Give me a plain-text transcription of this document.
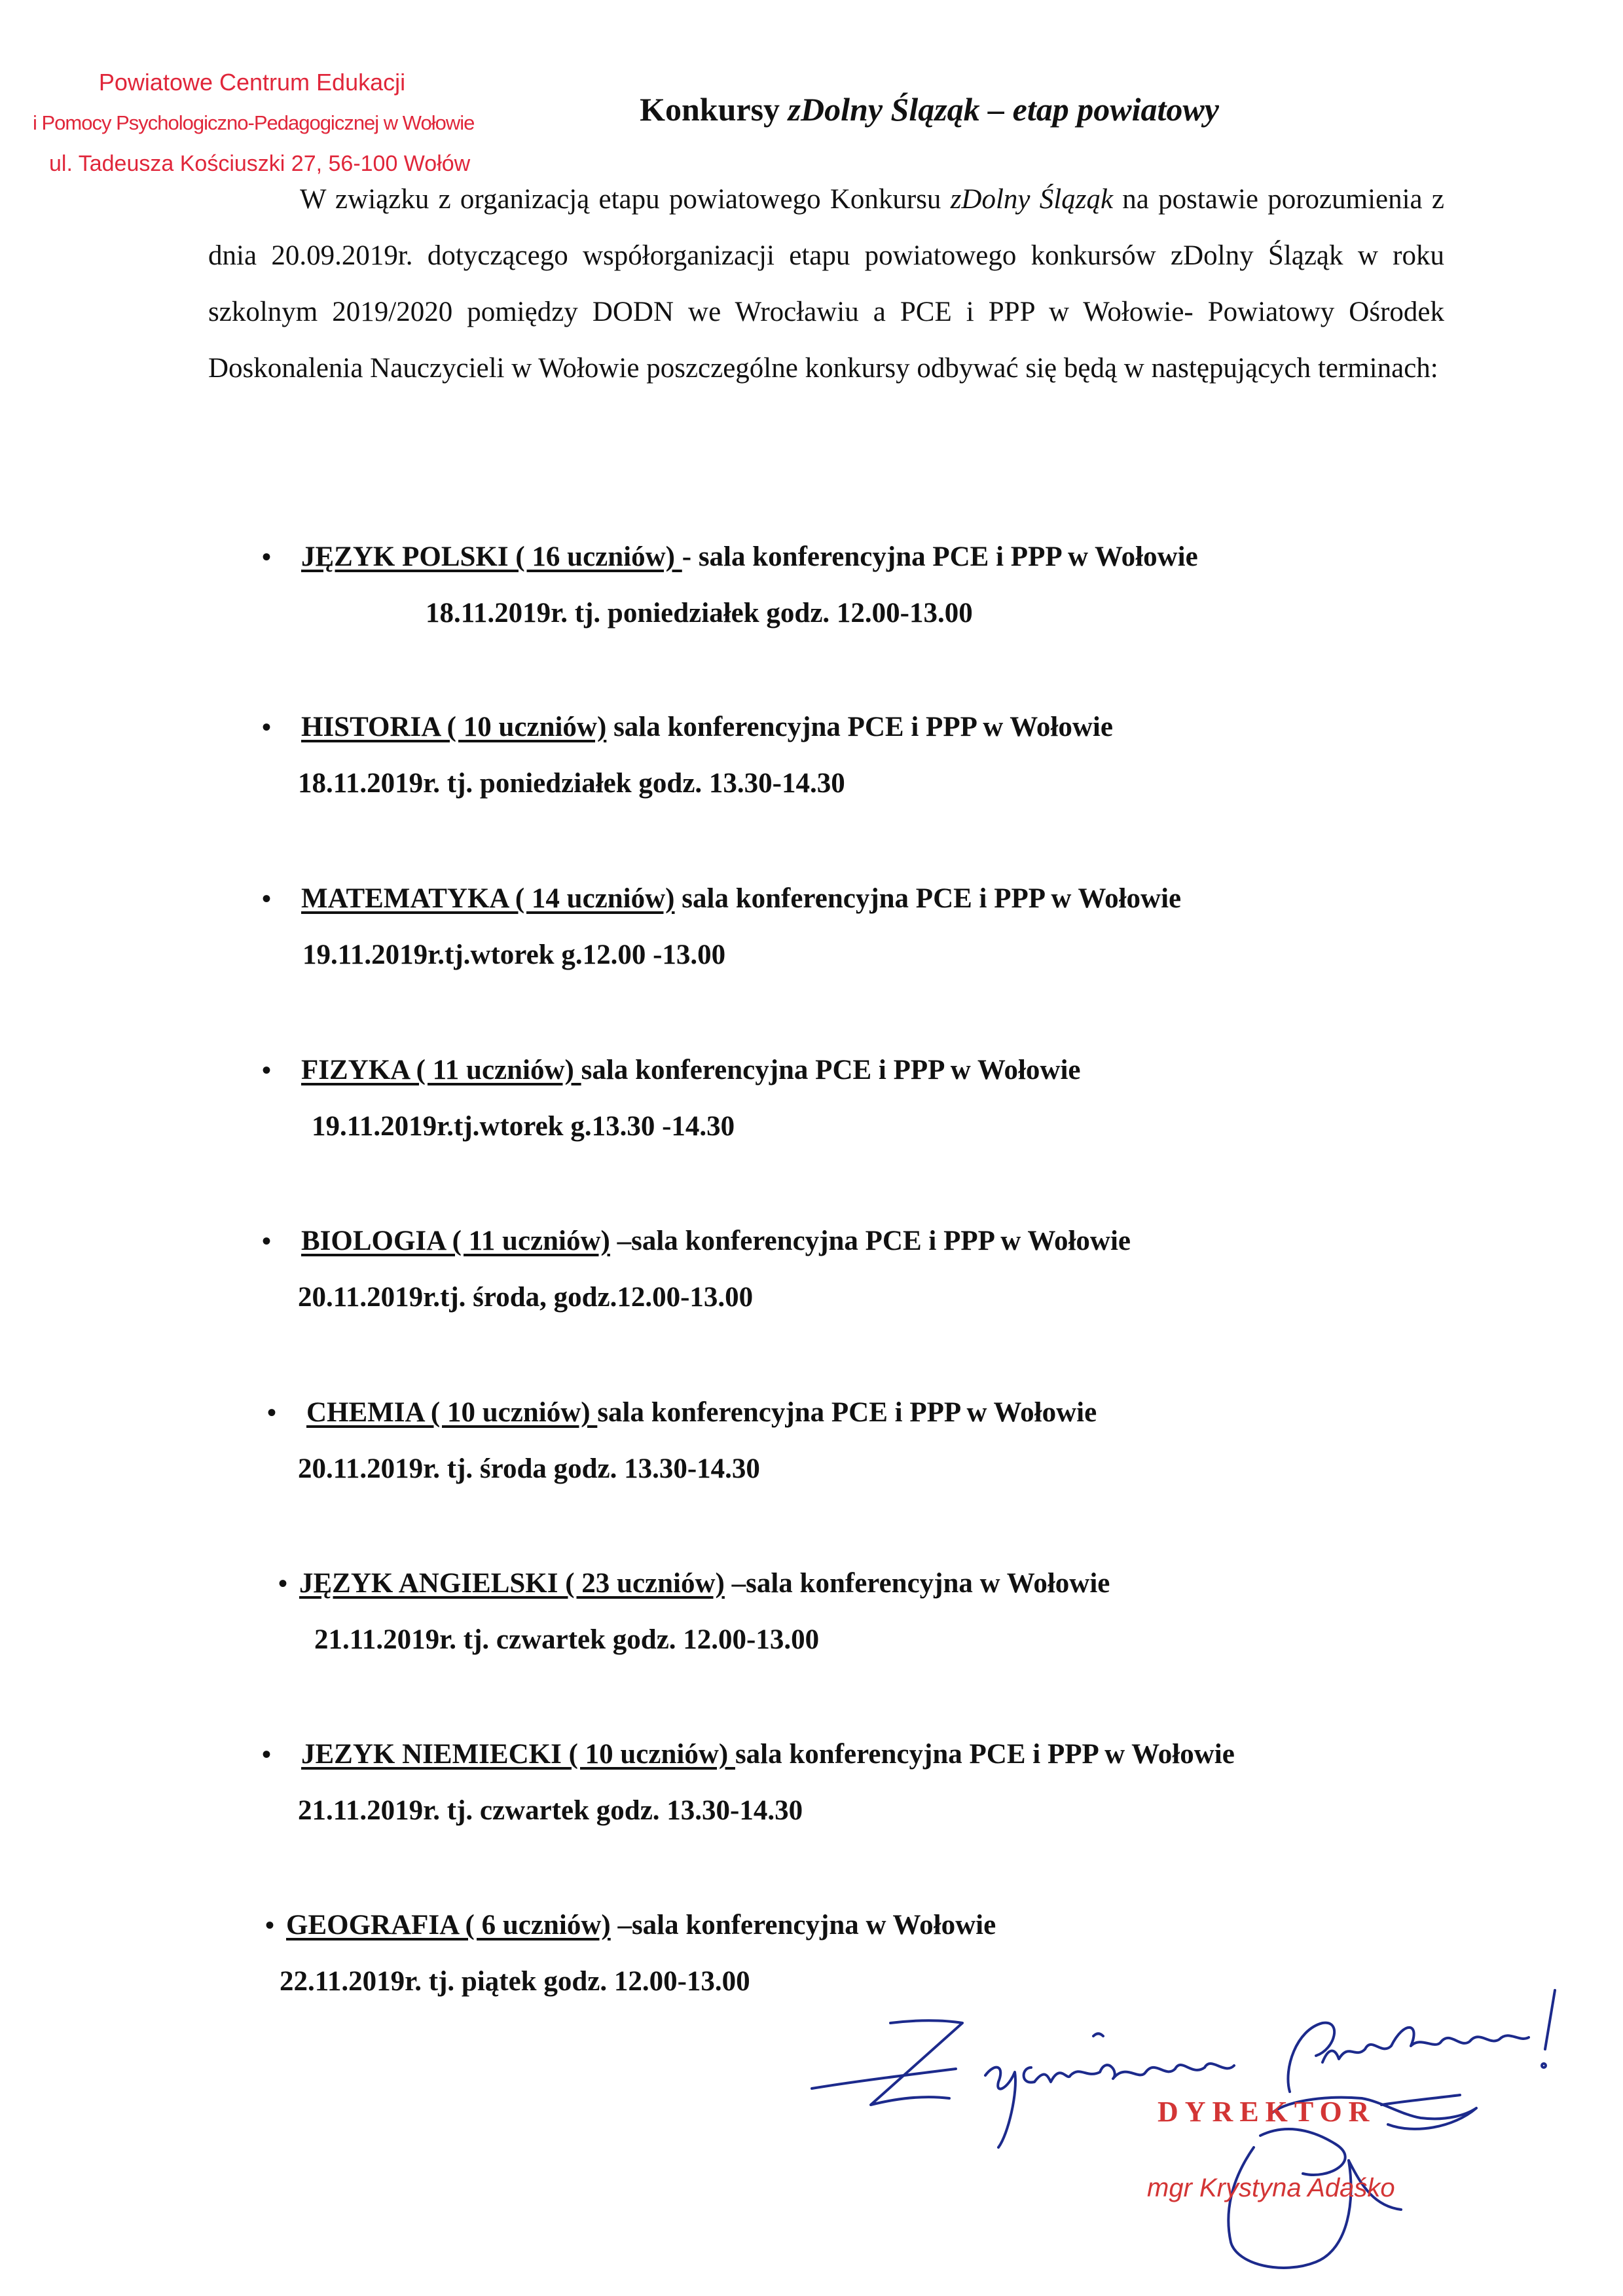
Powiatowe Centrum Edukacji
i Pomocy Psychologiczno-Pedagogicznej w Wołowie
ul. Tadeusza Kościuszki 27, 56-100 Wołów
Konkursy zDolny Śląząk – etap powiatowy

W związku z organizacją etapu powiatowego Konkursu zDolny Śląząk na postawie porozumienia z dnia 20.09.2019r. dotyczącego współorganizacji etapu powiatowego konkursów zDolny Śląząk w roku szkolnym 2019/2020 pomiędzy DODN we Wrocławiu a PCE i PPP w Wołowie- Powiatowy Ośrodek Doskonalenia Nauczycieli w Wołowie poszczególne konkursy odbywać się będą w następujących terminach:

• JĘZYK POLSKI ( 16 uczniów) - sala konferencyjna PCE i PPP w Wołowie
18.11.2019r. tj. poniedziałek godz. 12.00-13.00
• HISTORIA ( 10 uczniów) sala konferencyjna PCE i PPP w Wołowie
18.11.2019r. tj. poniedziałek godz. 13.30-14.30
• MATEMATYKA ( 14 uczniów) sala konferencyjna PCE i PPP w Wołowie
19.11.2019r.tj.wtorek g.12.00 -13.00
• FIZYKA ( 11 uczniów) sala konferencyjna PCE i PPP w Wołowie
19.11.2019r.tj.wtorek g.13.30 -14.30
• BIOLOGIA ( 11 uczniów) –sala konferencyjna PCE i PPP w Wołowie
20.11.2019r.tj. środa, godz.12.00-13.00
• CHEMIA ( 10 uczniów) sala konferencyjna PCE i PPP w Wołowie
20.11.2019r. tj. środa godz. 13.30-14.30
• JĘZYK ANGIELSKI ( 23 uczniów) –sala konferencyjna w Wołowie
21.11.2019r. tj. czwartek godz. 12.00-13.00
• JEZYK NIEMIECKI ( 10 uczniów) sala konferencyjna PCE i PPP w Wołowie
21.11.2019r. tj. czwartek godz. 13.30-14.30
• GEOGRAFIA ( 6 uczniów) –sala konferencyjna w Wołowie
22.11.2019r. tj. piątek godz. 12.00-13.00
DYREKTOR
mgr Krystyna Adaśko
